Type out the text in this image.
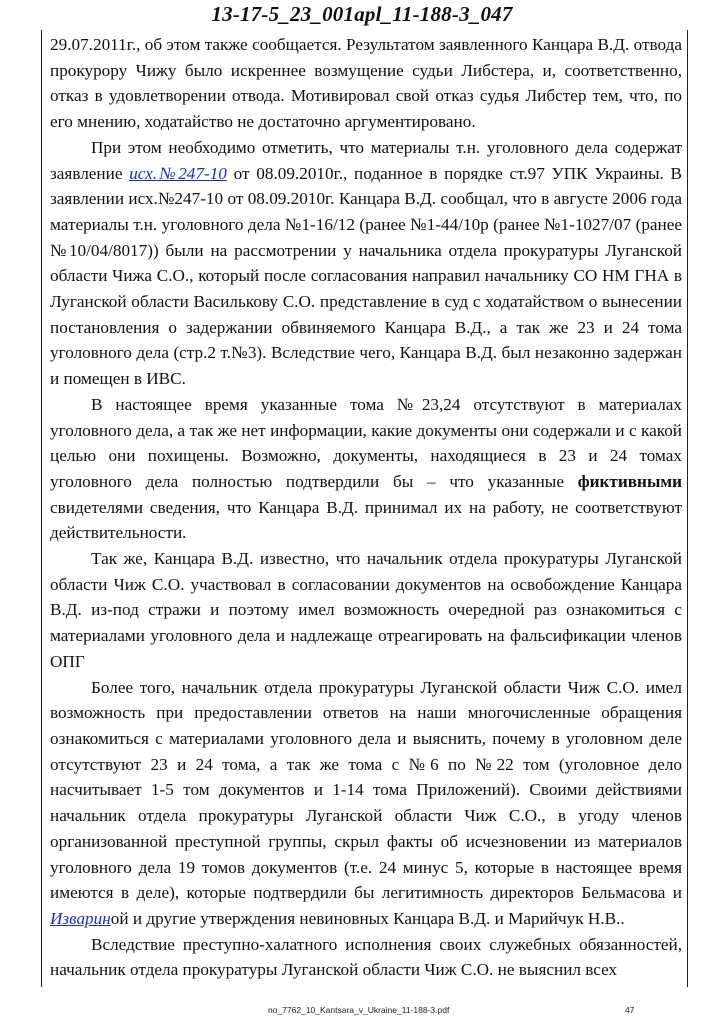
13-17-5_23_001apl_11-188-3_047

29.07.2011г., об этом также сообщается. Результатом заявленного Канцара В.Д. отвода прокурору Чижу было искреннее возмущение судьи Либстера, и, соответственно, отказ в удовлетворении отвода. Мотивировал свой отказ судья Либстер тем, что, по его мнению, ходатайство не достаточно аргументировано.

При этом необходимо отметить, что материалы т.н. уголовного дела содержат заявление исх.№247-10 от 08.09.2010г., поданное в порядке ст.97 УПК Украины. В заявлении исх.№247-10 от 08.09.2010г. Канцара В.Д. сообщал, что в августе 2006 года материалы т.н. уголовного дела №1-16/12 (ранее №1-44/10р (ранее №1-1027/07 (ранее №10/04/8017)) были на рассмотрении у начальника отдела прокуратуры Луганской области Чижа С.О., который после согласования направил начальнику СО НМ ГНА в Луганской области Василькову С.О. представление в суд с ходатайством о вынесении постановления о задержании обвиняемого Канцара В.Д., а так же 23 и 24 тома уголовного дела (стр.2 т.№3). Вследствие чего, Канцара В.Д. был незаконно задержан и помещен в ИВС.

В настоящее время указанные тома №23,24 отсутствуют в материалах уголовного дела, а так же нет информации, какие документы они содержали и с какой целью они похищены. Возможно, документы, находящиеся в 23 и 24 томах уголовного дела полностью подтвердили бы – что указанные фиктивными свидетелями сведения, что Канцара В.Д. принимал их на работу, не соответствуют действительности.

Так же, Канцара В.Д. известно, что начальник отдела прокуратуры Луганской области Чиж С.О. участвовал в согласовании документов на освобождение Канцара В.Д. из-под стражи и поэтому имел возможность очередной раз ознакомиться с материалами уголовного дела и надлежаще отреагировать на фальсификации членов ОПГ

Более того, начальник отдела прокуратуры Луганской области Чиж С.О. имел возможность при предоставлении ответов на наши многочисленные обращения ознакомиться с материалами уголовного дела и выяснить, почему в уголовном деле отсутствуют 23 и 24 тома, а так же тома с №6 по №22 том (уголовное дело насчитывает 1-5 том документов и 1-14 тома Приложений). Своими действиями начальник отдела прокуратуры Луганской области Чиж С.О., в угоду членов организованной преступной группы, скрыл факты об исчезновении из материалов уголовного дела 19 томов документов (т.е. 24 минус 5, которые в настоящее время имеются в деле), которые подтвердили бы легитимность директоров Бельмасова и Извариной и другие утверждения невиновных Канцара В.Д. и Марийчук Н.В..

Вследствие преступно-халатного исполнения своих служебных обязанностей, начальник отдела прокуратуры Луганской области Чиж С.О. не выяснил всех

no_7762_10_Kantsara_v_Ukraine_11-188-3.pdf	47
